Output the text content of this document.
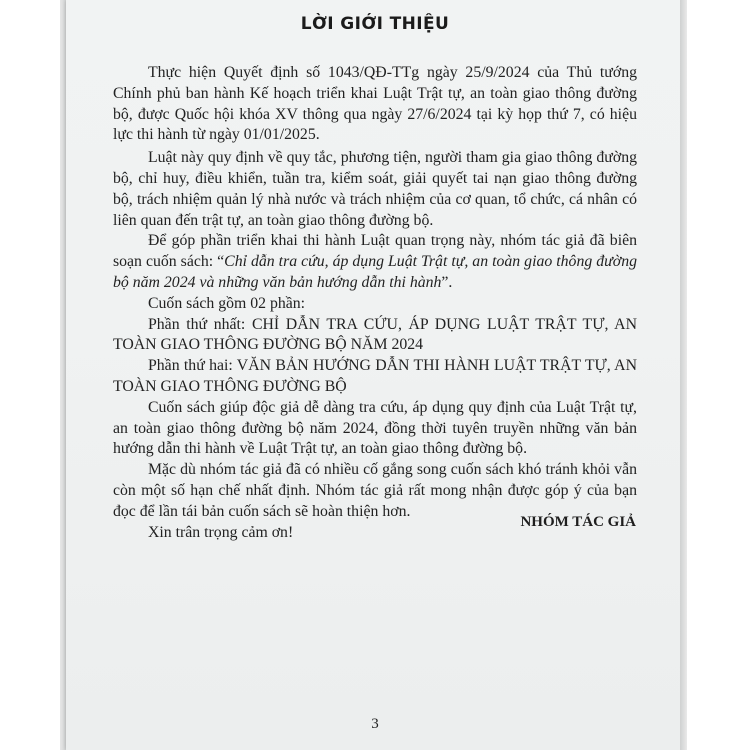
LỜI GIỚI THIỆU

Thực hiện Quyết định số 1043/QĐ-TTg ngày 25/9/2024 của Thủ tướng Chính phủ ban hành Kế hoạch triển khai Luật Trật tự, an toàn giao thông đường bộ, được Quốc hội khóa XV thông qua ngày 27/6/2024 tại kỳ họp thứ 7, có hiệu lực thi hành từ ngày 01/01/2025.

Luật này quy định về quy tắc, phương tiện, người tham gia giao thông đường bộ, chỉ huy, điều khiển, tuần tra, kiểm soát, giải quyết tai nạn giao thông đường bộ, trách nhiệm quản lý nhà nước và trách nhiệm của cơ quan, tổ chức, cá nhân có liên quan đến trật tự, an toàn giao thông đường bộ.

Để góp phần triển khai thi hành Luật quan trọng này, nhóm tác giả đã biên soạn cuốn sách: “Chỉ dẫn tra cứu, áp dụng Luật Trật tự, an toàn giao thông đường bộ năm 2024 và những văn bản hướng dẫn thi hành”.

Cuốn sách gồm 02 phần:

Phần thứ nhất: CHỈ DẪN TRA CỨU, ÁP DỤNG LUẬT TRẬT TỰ, AN TOÀN GIAO THÔNG ĐƯỜNG BỘ NĂM 2024

Phần thứ hai: VĂN BẢN HƯỚNG DẪN THI HÀNH LUẬT TRẬT TỰ, AN TOÀN GIAO THÔNG ĐƯỜNG BỘ

Cuốn sách giúp độc giả dễ dàng tra cứu, áp dụng quy định của Luật Trật tự, an toàn giao thông đường bộ năm 2024, đồng thời tuyên truyền những văn bản hướng dẫn thi hành về Luật Trật tự, an toàn giao thông đường bộ.

Mặc dù nhóm tác giả đã có nhiều cố gắng song cuốn sách khó tránh khỏi vẫn còn một số hạn chế nhất định. Nhóm tác giả rất mong nhận được góp ý của bạn đọc để lần tái bản cuốn sách sẽ hoàn thiện hơn.

Xin trân trọng cảm ơn!

NHÓM TÁC GIẢ
3
